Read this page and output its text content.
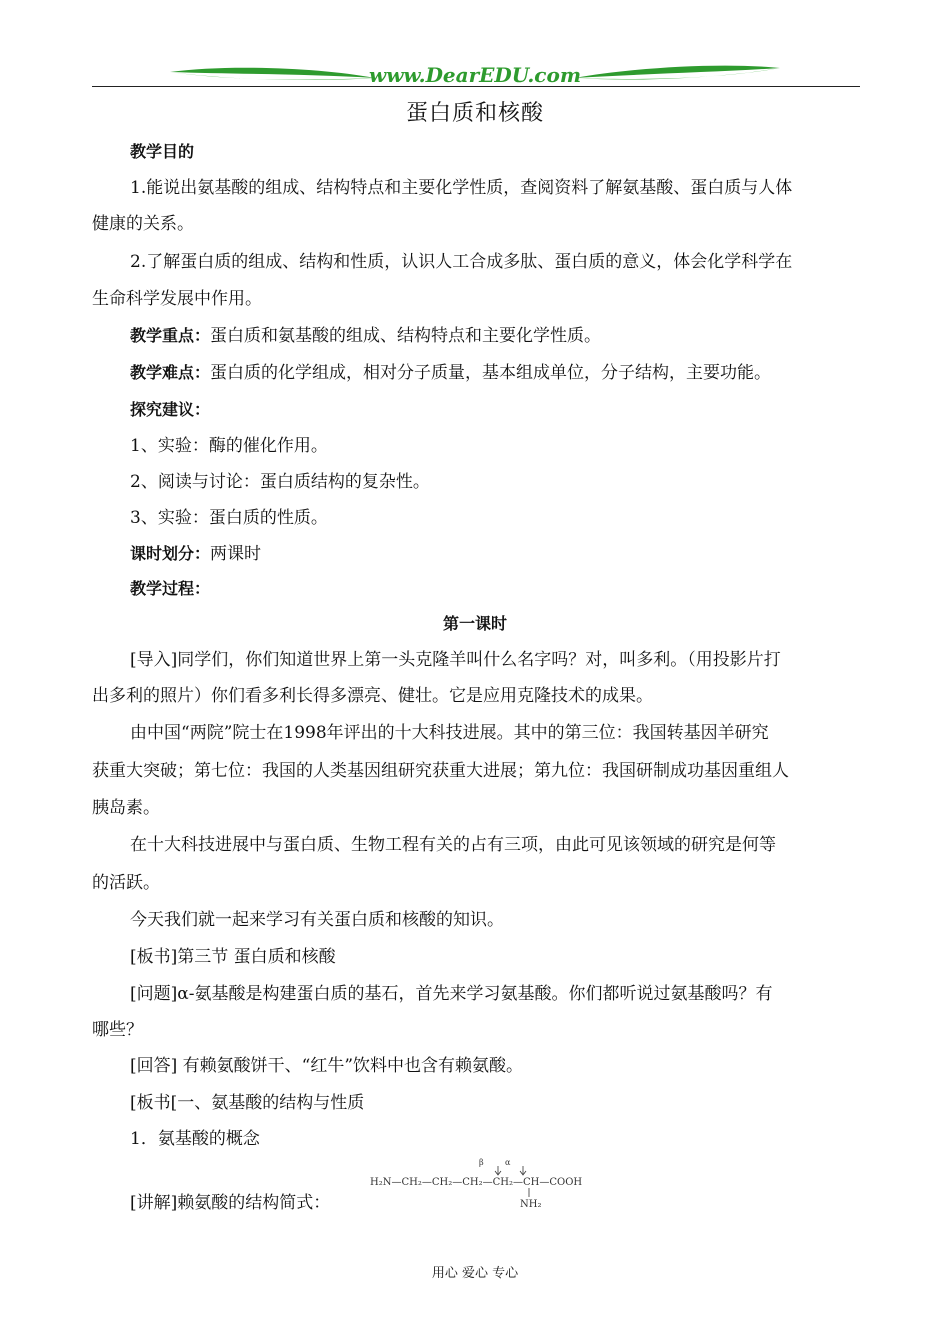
www.DearEDU.com
蛋白质和核酸
教学目的
1.能说出氨基酸的组成、结构特点和主要化学性质，查阅资料了解氨基酸、蛋白质与人体
健康的关系。
2.了解蛋白质的组成、结构和性质，认识人工合成多肽、蛋白质的意义，体会化学科学在
生命科学发展中作用。
教学重点：蛋白质和氨基酸的组成、结构特点和主要化学性质。
教学难点：蛋白质的化学组成，相对分子质量，基本组成单位，分子结构，主要功能。
探究建议：
1、实验：酶的催化作用。
2、阅读与讨论：蛋白质结构的复杂性。
3、实验：蛋白质的性质。
课时划分：两课时
教学过程：
第一课时
[导入]同学们，你们知道世界上第一头克隆羊叫什么名字吗？对，叫多利。（用投影片打
出多利的照片）你们看多利长得多漂亮、健壮。它是应用克隆技术的成果。
由中国“两院”院士在1998年评出的十大科技进展。其中的第三位：我国转基因羊研究
获重大突破；第七位：我国的人类基因组研究获重大进展；第九位：我国研制成功基因重组人
胰岛素。
在十大科技进展中与蛋白质、生物工程有关的占有三项，由此可见该领域的研究是何等
的活跃。
今天我们就一起来学习有关蛋白质和核酸的知识。
[板书]第三节 蛋白质和核酸
[问题]α-氨基酸是构建蛋白质的基石，首先来学习氨基酸。你们都听说过氨基酸吗？有
哪些？
[回答] 有赖氨酸饼干、“红牛”饮料中也含有赖氨酸。
[板书[一、氨基酸的结构与性质
1．氨基酸的概念
[讲解]赖氨酸的结构简式：
β	α
H₂N—CH₂—CH₂—CH₂—CH₂—CH—COOH
NH₂
用心 爱心 专心
